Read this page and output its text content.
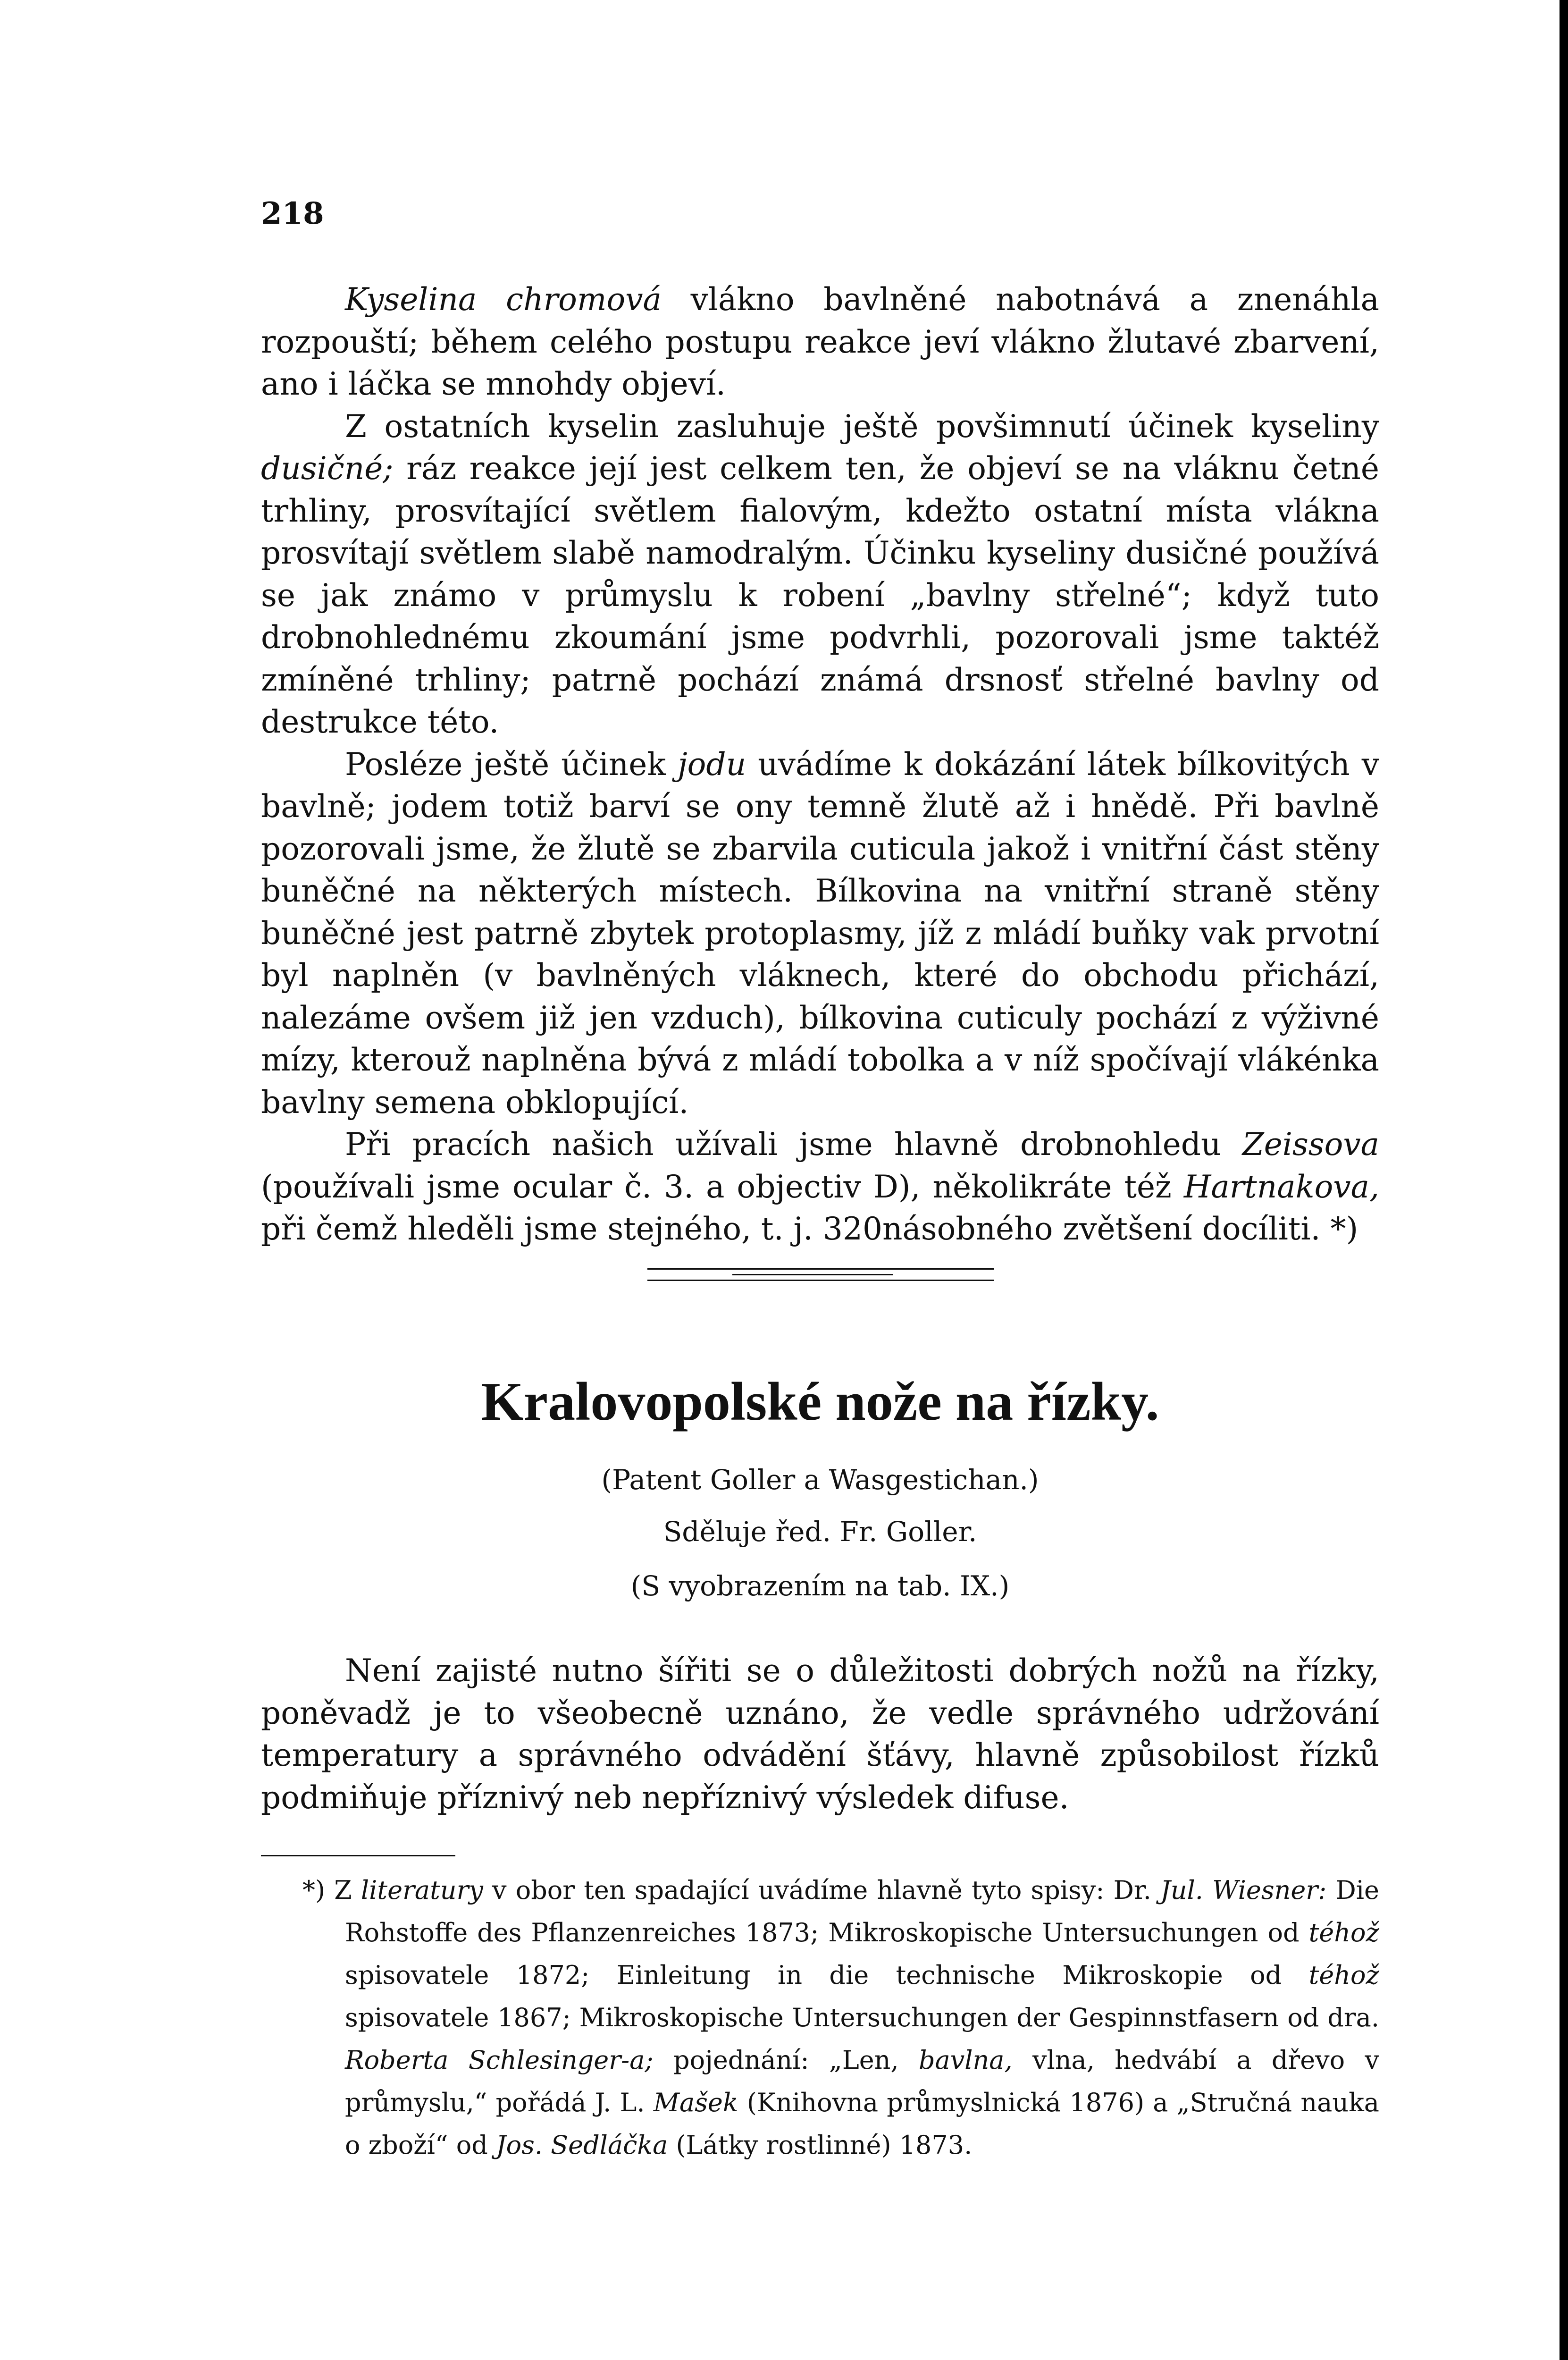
218

Kyselina chromová vlákno bavlněné nabotnává a znenáhla rozpouští; během celého postupu reakce jeví vlákno žlutavé zbarvení, ano i láčka se mnohdy objeví.

Z ostatních kyselin zasluhuje ještě povšimnutí účinek kyseliny dusičné; ráz reakce její jest celkem ten, že objeví se na vláknu četné trhliny, prosvítající světlem fialovým, kdežto ostatní místa vlákna prosvítají světlem slabě namodralým. Účinku kyseliny dusičné používá se jak známo v průmyslu k robení „bavlny střelné“; když tuto drobnohlednému zkoumání jsme podvrhli, pozorovali jsme taktéž zmíněné trhliny; patrně pochází známá drsnosť střelné bavlny od destrukce této.

Posléze ještě účinek jodu uvádíme k dokázání látek bílkovitých v bavlně; jodem totiž barví se ony temně žlutě až i hnědě. Při bavlně pozorovali jsme, že žlutě se zbarvila cuticula jakož i vnitřní část stěny buněčné na některých místech. Bílkovina na vnitřní straně stěny buněčné jest patrně zbytek protoplasmy, jíž z mládí buňky vak prvotní byl naplněn (v bavlněných vláknech, které do obchodu přichází, nalezáme ovšem již jen vzduch), bílkovina cuticuly pochází z výživné mízy, kterouž naplněna bývá z mládí tobolka a v níž spočívají vlákénka bavlny semena obklopující.

Při pracích našich užívali jsme hlavně drobnohledu Zeissova (používali jsme ocular č. 3. a objectiv D), několikráte též Hartnakova, při čemž hleděli jsme stejného, t. j. 320násobného zvětšení docíliti. *)

Kralovopolské nože na řízky.
(Patent Goller a Wasgestichan.)
Sděluje řed. Fr. Goller.
(S vyobrazením na tab. IX.)

Není zajisté nutno šířiti se o důležitosti dobrých nožů na řízky, poněvadž je to všeobecně uznáno, že vedle správného udržování temperatury a správného odvádění šťávy, hlavně způsobilost řízků podmiňuje příznivý neb nepříznivý výsledek difuse.

*) Z literatury v obor ten spadající uvádíme hlavně tyto spisy: Dr. Jul. Wiesner: Die Rohstoffe des Pflanzenreiches 1873; Mikroskopische Untersuchungen od téhož spisovatele 1872; Einleitung in die technische Mikroskopie od téhož spisovatele 1867; Mikroskopische Untersuchungen der Gespinnstfasern od dra. Roberta Schlesinger-a; pojednání: „Len, bavlna, vlna, hedvábí a dřevo v průmyslu,“ pořádá J. L. Mašek (Knihovna průmyslnická 1876) a „Stručná nauka o zboží“ od Jos. Sedláčka (Látky rostlinné) 1873.
